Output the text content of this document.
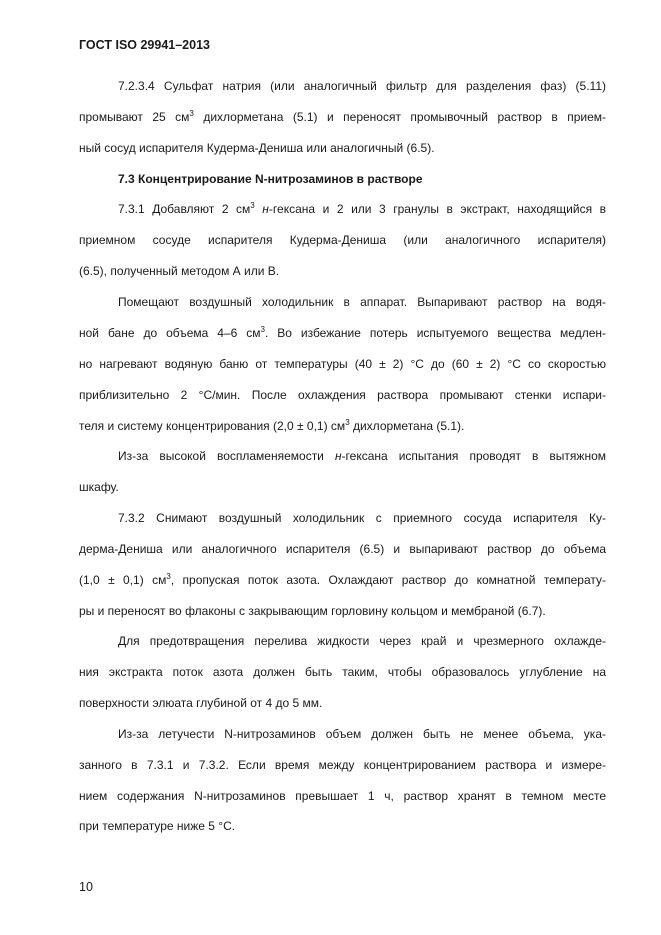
ГОСТ ISO 29941–2013
7.2.3.4 Сульфат натрия (или аналогичный фильтр для разделения фаз) (5.11)
промывают 25 $см^3$ дихлорметана (5.1) и переносят промывочный раствор в прием-
ный сосуд испарителя Кудерма-Дениша или аналогичный (6.5).
7.3 Концентрирование N-нитрозаминов в растворе
7.3.1 Добавляют 2 $см^3$ н-гексана и 2 или 3 гранулы в экстракт, находящийся в
приемном сосуде испарителя Кудерма-Дениша (или аналогичного испарителя)
(6.5), полученный методом А или В.
Помещают воздушный холодильник в аппарат. Выпаривают раствор на водя-
ной бане до объема 4–6 $см^3$. Во избежание потерь испытуемого вещества медлен-
но нагревают водяную баню от температуры (40 ± 2) °С до (60 ± 2) °С со скоростью
приблизительно 2 °С/мин. После охлаждения раствора промывают стенки испари-
теля и систему концентрирования (2,0 ± 0,1) $см^3$ дихлорметана (5.1).
Из-за высокой воспламеняемости н-гексана испытания проводят в вытяжном
шкафу.
7.3.2 Снимают воздушный холодильник с приемного сосуда испарителя Ку-
дерма-Дениша или аналогичного испарителя (6.5) и выпаривают раствор до объема
(1,0 ± 0,1) $см^3$, пропуская поток азота. Охлаждают раствор до комнатной температу-
ры и переносят во флаконы с закрывающим горловину кольцом и мембраной (6.7).
Для предотвращения перелива жидкости через край и чрезмерного охлажде-
ния экстракта поток азота должен быть таким, чтобы образовалось углубление на
поверхности элюата глубиной от 4 до 5 мм.
Из-за летучести N-нитрозаминов объем должен быть не менее объема, ука-
занного в 7.3.1 и 7.3.2. Если время между концентрированием раствора и измере-
нием содержания N-нитрозаминов превышает 1 ч, раствор хранят в темном месте
при температуре ниже 5 °С.
10
